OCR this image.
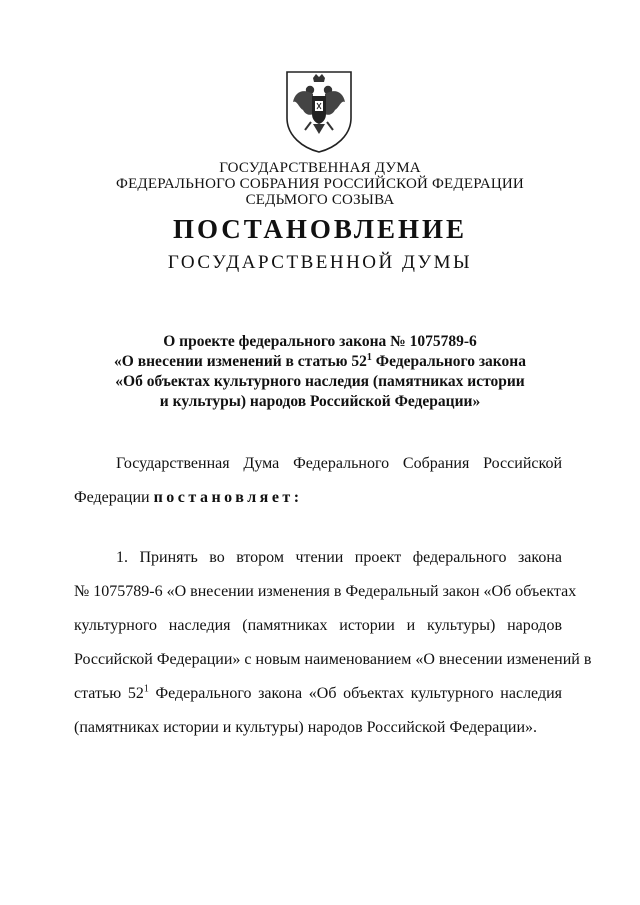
ГОСУДАРСТВЕННАЯ ДУМА
ФЕДЕРАЛЬНОГО СОБРАНИЯ РОССИЙСКОЙ ФЕДЕРАЦИИ
СЕДЬМОГО СОЗЫВА
ПОСТАНОВЛЕНИЕ
ГОСУДАРСТВЕННОЙ ДУМЫ
О проекте федерального закона № 1075789-6
«О внесении изменений в статью $52^1$ Федерального закона
«Об объектах культурного наследия (памятниках истории
и культуры) народов Российской Федерации»
Государственная Дума Федерального Собрания Российской
Федерации постановляет:
1. Принять во втором чтении проект федерального закона
№ 1075789-6 «О внесении изменения в Федеральный закон «Об объектах
культурного наследия (памятниках истории и культуры) народов
Российской Федерации» с новым наименованием «О внесении изменений в
статью $52^1$ Федерального закона «Об объектах культурного наследия
(памятниках истории и культуры) народов Российской Федерации».
